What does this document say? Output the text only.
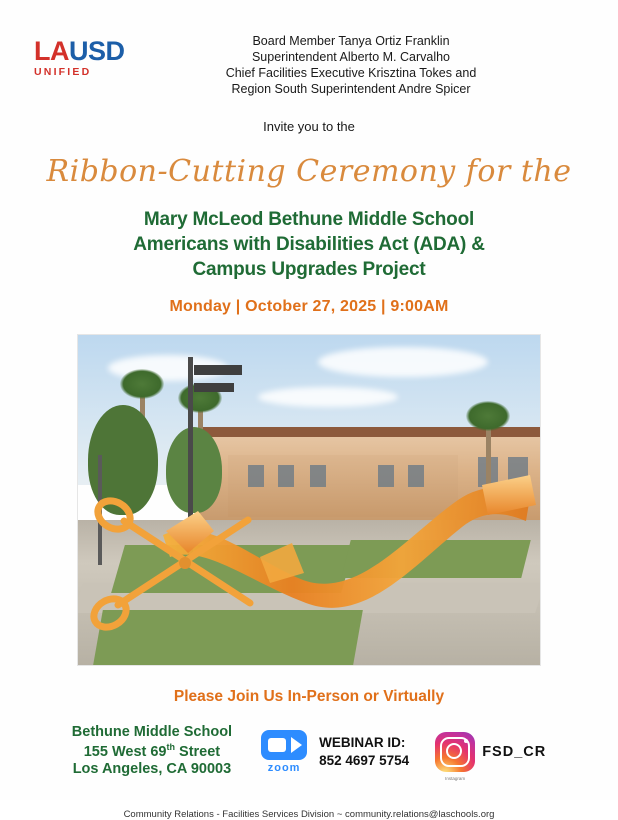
LAUSD
UNIFIED
Board Member Tanya Ortiz Franklin
Superintendent Alberto M. Carvalho
Chief Facilities Executive Krisztina Tokes and
Region South Superintendent Andre Spicer
Invite you to the
Ribbon-Cutting Ceremony for the
Mary McLeod Bethune Middle School
Americans with Disabilities Act (ADA) &
Campus Upgrades Project
Monday | October 27, 2025 | 9:00AM
Please Join Us In-Person or Virtually
Bethune Middle School
155 West 69th Street
Los Angeles, CA 90003	zoom
WEBINAR ID:
852 4697 5754
Instagram
FSD_CR
Community Relations - Facilities Services Division ~ community.relations@laschools.org
